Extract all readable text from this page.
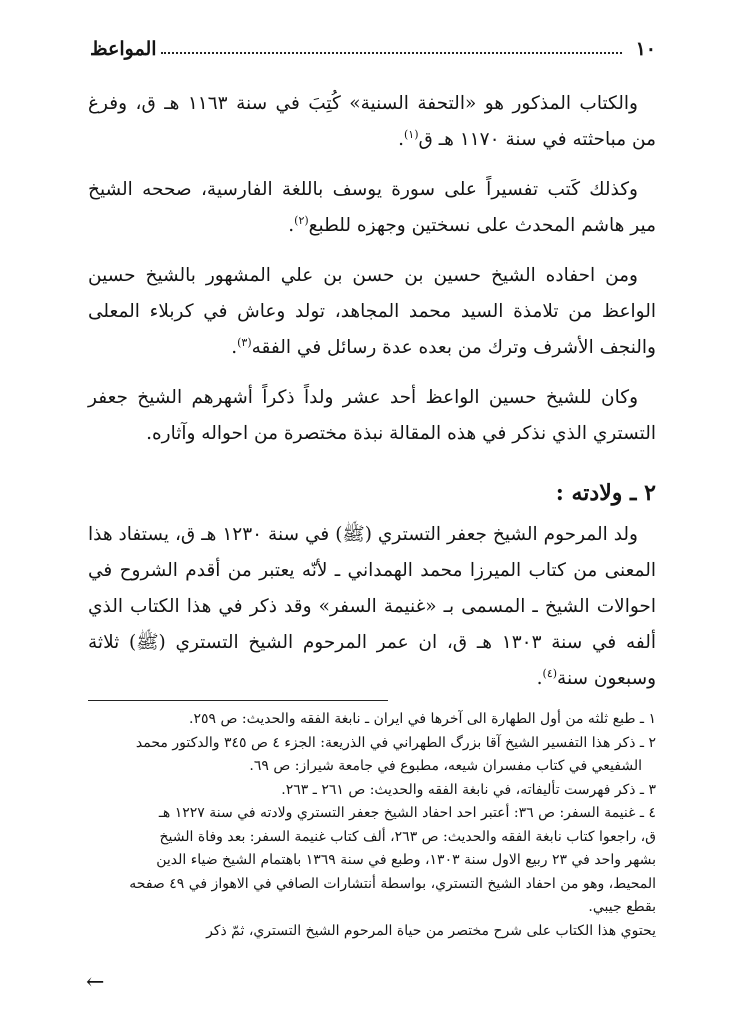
١٠
المواعظ

والكتاب المذكور هو «التحفة السنية» كُتِبَ في سنة ١١٦٣ هـ ق، وفرغ من مباحثته في سنة ١١٧٠ هـ ق$^{(١)}$.

وكذلك كَتب تفسيراً على سورة يوسف باللغة الفارسية، صححه الشيخ مير هاشم المحدث على نسختين وجهزه للطبع$^{(٢)}$.

ومن احفاده الشيخ حسين بن حسن بن علي المشهور بالشيخ حسين الواعظ من تلامذة السيد محمد المجاهد، تولد وعاش في كربلاء المعلى والنجف الأشرف وترك من بعده عدة رسائل في الفقه$^{(٣)}$.

وكان للشيخ حسين الواعظ أحد عشر ولداً ذكراً أشهرهم الشيخ جعفر التستري الذي نذكر في هذه المقالة نبذة مختصرة من احواله وآثاره.

٢ ـ ولادته :

ولد المرحوم الشيخ جعفر التستري (ﷺ) في سنة ١٢٣٠ هـ ق، يستفاد هذا المعنى من كتاب الميرزا محمد الهمداني ـ لأنّه يعتبر من أقدم الشروح في احوالات الشيخ ـ المسمى بـ «غنيمة السفر» وقد ذكر في هذا الكتاب الذي ألفه في سنة ١٣٠٣ هـ ق، ان عمر المرحوم الشيخ التستري (ﷺ) ثلاثة وسبعون سنة$^{(٤)}$.

١ ـ طبع ثلثه من أول الطهارة الى آخرها في ايران ـ نابغة الفقه والحديث: ص ٢٥٩.
٢ ـ ذكر هذا التفسير الشيخ آقا بزرگ الطهراني في الذريعة: الجزء ٤ ص ٣٤٥ والدكتور محمد
الشفيعي في كتاب مفسران شيعه، مطبوع في جامعة شيراز: ص ٦٩.
٣ ـ ذكر فهرست تأليفاته، في نابغة الفقه والحديث: ص ٢٦١ ـ ٢٦٣.
٤ ـ غنيمة السفر: ص ٣٦: أعتبر احد احفاد الشيخ جعفر التستري ولادته في سنة ١٢٢٧ هـ
ق، راجعوا كتاب نابغة الفقه والحديث: ص ٢٦٣، ألف كتاب غنيمة السفر: بعد وفاة الشيخ
بشهر واحد في ٢٣ ربيع الاول سنة ١٣٠٣، وطبع في سنة ١٣٦٩ باهتمام الشيخ ضياء الدين
المحيط، وهو من احفاد الشيخ التستري، بواسطة أنتشارات الصافي في الاهواز في ٤٩ صفحه
بقطع جيبي.
يحتوي هذا الكتاب على شرح مختصر من حياة المرحوم الشيخ التستري، ثمّ ذكر
←
